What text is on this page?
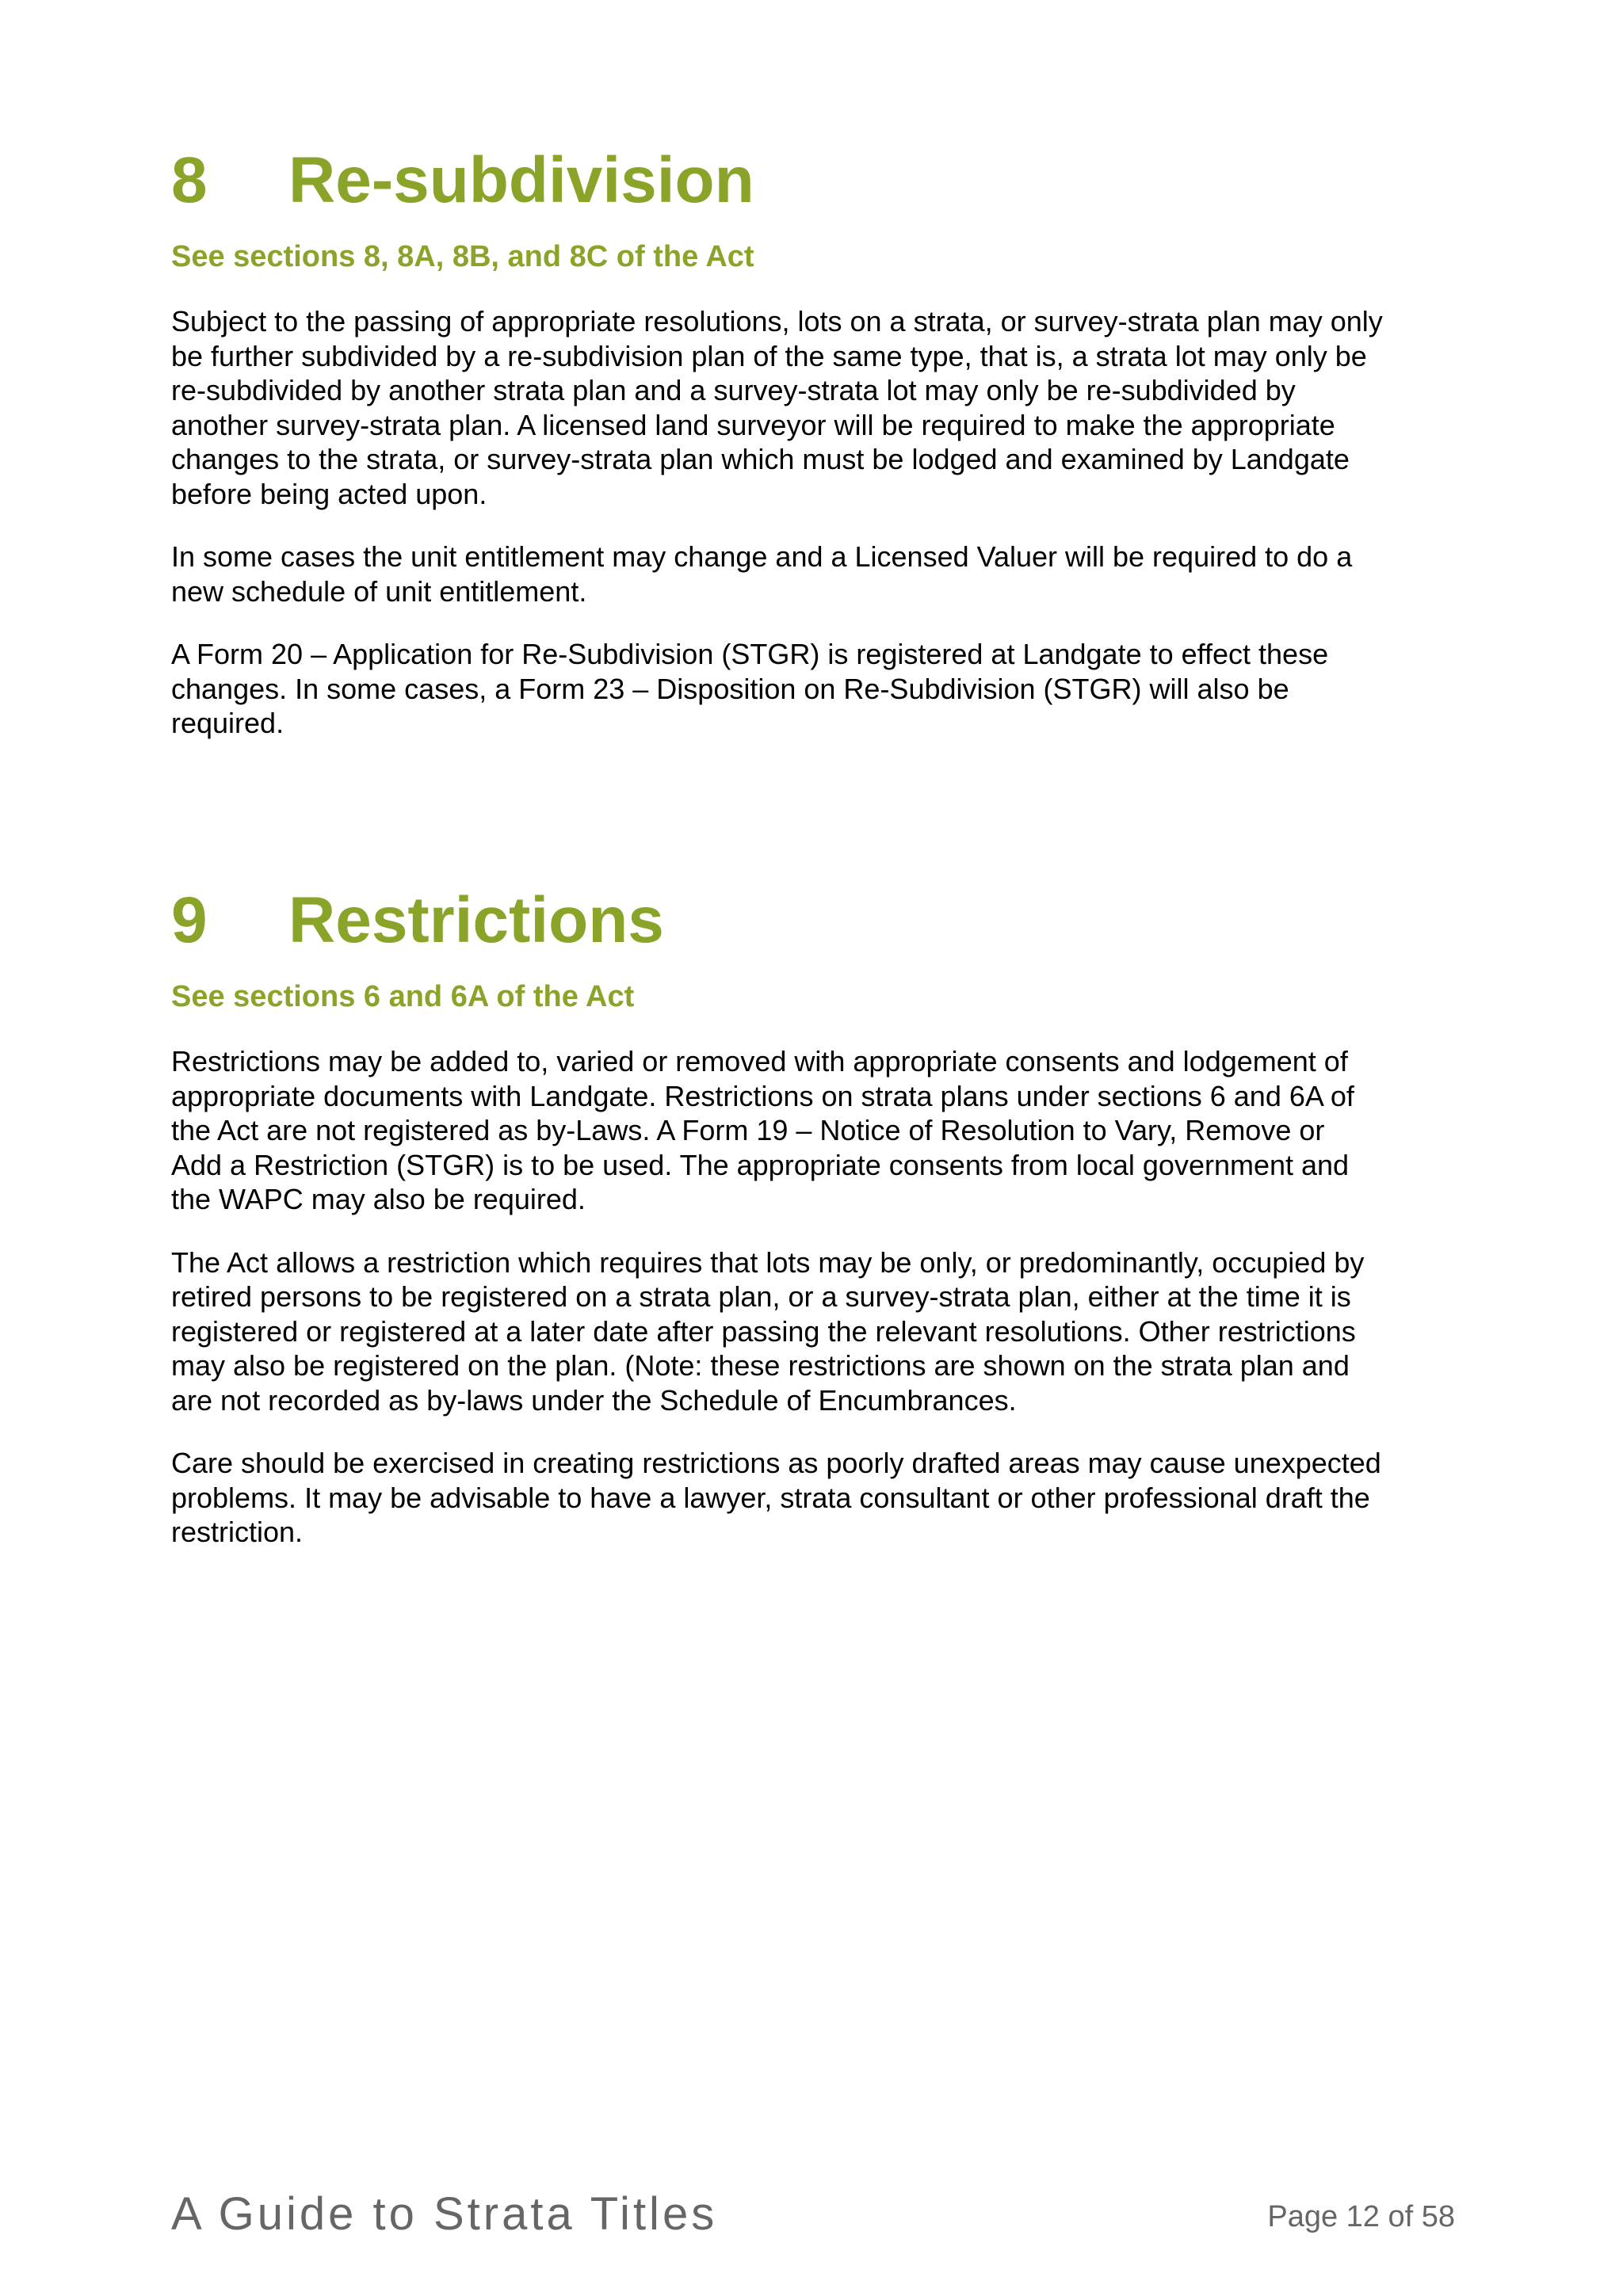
8	Re-subdivision
See sections 8, 8A, 8B, and 8C of the Act

Subject to the passing of appropriate resolutions, lots on a strata, or survey-strata plan may only
be further subdivided by a re-subdivision plan of the same type, that is, a strata lot may only be
re-subdivided by another strata plan and a survey-strata lot may only be re-subdivided by
another survey-strata plan. A licensed land surveyor will be required to make the appropriate
changes to the strata, or survey-strata plan which must be lodged and examined by Landgate
before being acted upon.

In some cases the unit entitlement may change and a Licensed Valuer will be required to do a
new schedule of unit entitlement.

A Form 20 – Application for Re-Subdivision (STGR) is registered at Landgate to effect these
changes. In some cases, a Form 23 – Disposition on Re-Subdivision (STGR) will also be
required.

9	Restrictions
See sections 6 and 6A of the Act

Restrictions may be added to, varied or removed with appropriate consents and lodgement of
appropriate documents with Landgate. Restrictions on strata plans under sections 6 and 6A of
the Act are not registered as by-Laws. A Form 19 – Notice of Resolution to Vary, Remove or
Add a Restriction (STGR) is to be used. The appropriate consents from local government and
the WAPC may also be required.

The Act allows a restriction which requires that lots may be only, or predominantly, occupied by
retired persons to be registered on a strata plan, or a survey-strata plan, either at the time it is
registered or registered at a later date after passing the relevant resolutions. Other restrictions
may also be registered on the plan. (Note: these restrictions are shown on the strata plan and
are not recorded as by-laws under the Schedule of Encumbrances.

Care should be exercised in creating restrictions as poorly drafted areas may cause unexpected
problems. It may be advisable to have a lawyer, strata consultant or other professional draft the
restriction.

A Guide to Strata Titles	Page 12 of 58
